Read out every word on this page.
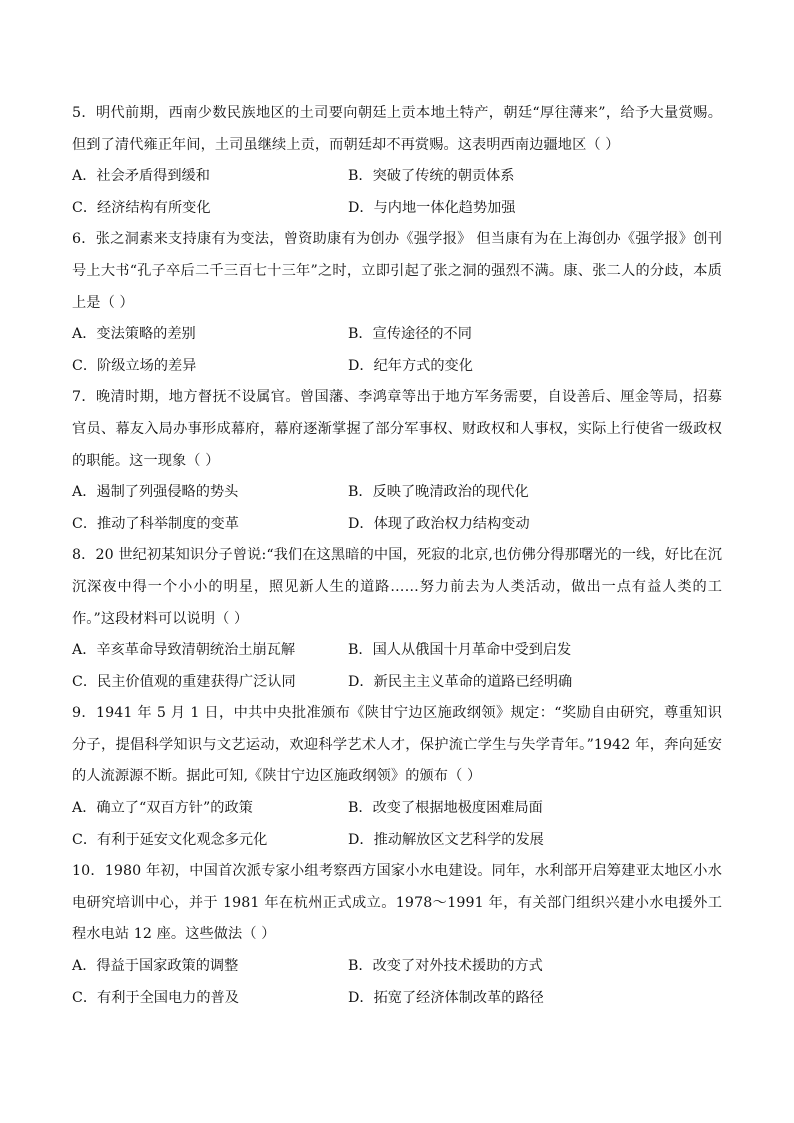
5．明代前期，西南少数民族地区的土司要向朝廷上贡本地土特产，朝廷“厚往薄来”，给予大量赏赐。但到了清代雍正年间，土司虽继续上贡，而朝廷却不再赏赐。这表明西南边疆地区（ ）

A．社会矛盾得到缓和	B．突破了传统的朝贡体系
C．经济结构有所变化	D．与内地一体化趋势加强

6．张之洞素来支持康有为变法，曾资助康有为创办《强学报》 但当康有为在上海创办《强学报》创刊号上大书“孔子卒后二千三百七十三年”之时，立即引起了张之洞的强烈不满。康、张二人的分歧，本质上是（ ）

A．变法策略的差别	B．宣传途径的不同
C．阶级立场的差异	D．纪年方式的变化

7．晚清时期，地方督抚不设属官。曾国藩、李鸿章等出于地方军务需要，自设善后、厘金等局，招募官员、幕友入局办事形成幕府，幕府逐渐掌握了部分军事权、财政权和人事权，实际上行使省一级政权的职能。这一现象（ ）

A．遏制了列强侵略的势头	B．反映了晚清政治的现代化
C．推动了科举制度的变革	D．体现了政治权力结构变动

8．20 世纪初某知识分子曾说:“我们在这黑暗的中国，死寂的北京,也仿佛分得那曙光的一线，好比在沉沉深夜中得一个小小的明星，照见新人生的道路……努力前去为人类活动，做出一点有益人类的工作。”这段材料可以说明（ ）

A．辛亥革命导致清朝统治土崩瓦解	B．国人从俄国十月革命中受到启发
C．民主价值观的重建获得广泛认同	D．新民主主义革命的道路已经明确

9．1941 年 5 月 1 日，中共中央批准颁布《陕甘宁边区施政纲领》规定：“奖励自由研究，尊重知识分子，提倡科学知识与文艺运动，欢迎科学艺术人才，保护流亡学生与失学青年。”1942 年，奔向延安的人流源源不断。据此可知,《陕甘宁边区施政纲领》的颁布（ ）

A．确立了“双百方针”的政策	B．改变了根据地极度困难局面
C．有利于延安文化观念多元化	D．推动解放区文艺科学的发展

10．1980 年初，中国首次派专家小组考察西方国家小水电建设。同年，水利部开启筹建亚太地区小水电研究培训中心，并于 1981 年在杭州正式成立。1978～1991 年，有关部门组织兴建小水电援外工程水电站 12 座。这些做法（ ）

A．得益于国家政策的调整	B．改变了对外技术援助的方式
C．有利于全国电力的普及	D．拓宽了经济体制改革的路径
